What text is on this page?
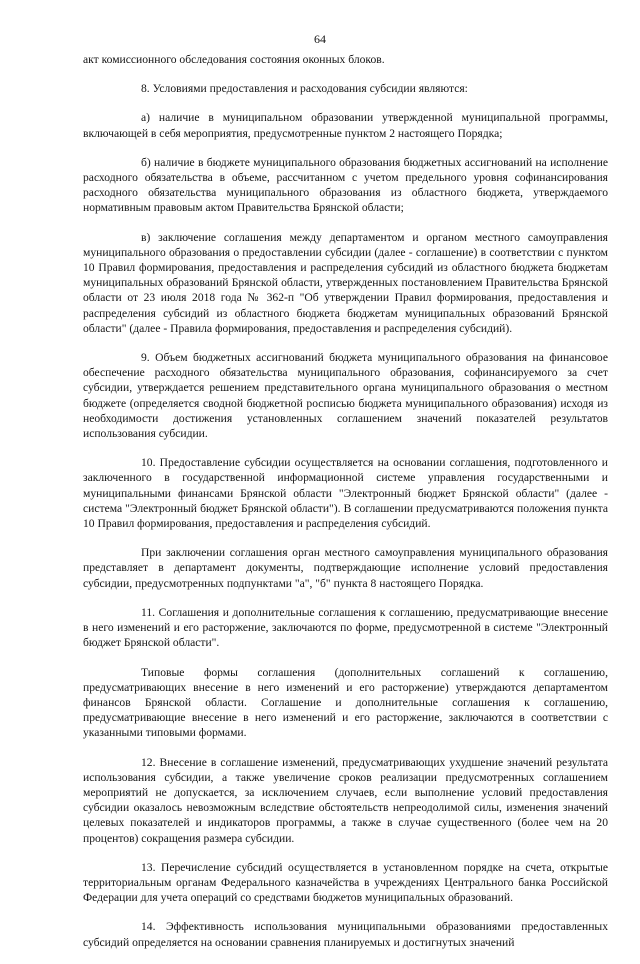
64

акт комиссионного обследования состояния оконных блоков.

8. Условиями предоставления и расходования субсидии являются:

а) наличие в муниципальном образовании утвержденной муниципальной программы, включающей в себя мероприятия, предусмотренные пунктом 2 настоящего Порядка;

б) наличие в бюджете муниципального образования бюджетных ассигнований на исполнение расходного обязательства в объеме, рассчитанном с учетом предельного уровня софинансирования расходного обязательства муниципального образования из областного бюджета, утверждаемого нормативным правовым актом Правительства Брянской области;

в) заключение соглашения между департаментом и органом местного самоуправления муниципального образования о предоставлении субсидии (далее - соглашение) в соответствии с пунктом 10 Правил формирования, предоставления и распределения субсидий из областного бюджета бюджетам муниципальных образований Брянской области, утвержденных постановлением Правительства Брянской области от 23 июля 2018 года № 362-п "Об утверждении Правил формирования, предоставления и распределения субсидий из областного бюджета бюджетам муниципальных образований Брянской области" (далее - Правила формирования, предоставления и распределения субсидий).

9. Объем бюджетных ассигнований бюджета муниципального образования на финансовое обеспечение расходного обязательства муниципального образования, софинансируемого за счет субсидии, утверждается решением представительного органа муниципального образования о местном бюджете (определяется сводной бюджетной росписью бюджета муниципального образования) исходя из необходимости достижения установленных соглашением значений показателей результатов использования субсидии.

10. Предоставление субсидии осуществляется на основании соглашения, подготовленного и заключенного в государственной информационной системе управления государственными и муниципальными финансами Брянской области "Электронный бюджет Брянской области" (далее - система "Электронный бюджет Брянской области"). В соглашении предусматриваются положения пункта 10 Правил формирования, предоставления и распределения субсидий.

При заключении соглашения орган местного самоуправления муниципального образования представляет в департамент документы, подтверждающие исполнение условий предоставления субсидии, предусмотренных подпунктами "а", "б" пункта 8 настоящего Порядка.

11. Соглашения и дополнительные соглашения к соглашению, предусматривающие внесение в него изменений и его расторжение, заключаются по форме, предусмотренной в системе "Электронный бюджет Брянской области".

Типовые формы соглашения (дополнительных соглашений к соглашению, предусматривающих внесение в него изменений и его расторжение) утверждаются департаментом финансов Брянской области. Соглашение и дополнительные соглашения к соглашению, предусматривающие внесение в него изменений и его расторжение, заключаются в соответствии с указанными типовыми формами.

12. Внесение в соглашение изменений, предусматривающих ухудшение значений результата использования субсидии, а также увеличение сроков реализации предусмотренных соглашением мероприятий не допускается, за исключением случаев, если выполнение условий предоставления субсидии оказалось невозможным вследствие обстоятельств непреодолимой силы, изменения значений целевых показателей и индикаторов программы, а также в случае существенного (более чем на 20 процентов) сокращения размера субсидии.

13. Перечисление субсидий осуществляется в установленном порядке на счета, открытые территориальным органам Федерального казначейства в учреждениях Центрального банка Российской Федерации для учета операций со средствами бюджетов муниципальных образований.

14. Эффективность использования муниципальными образованиями предоставленных субсидий определяется на основании сравнения планируемых и достигнутых значений
